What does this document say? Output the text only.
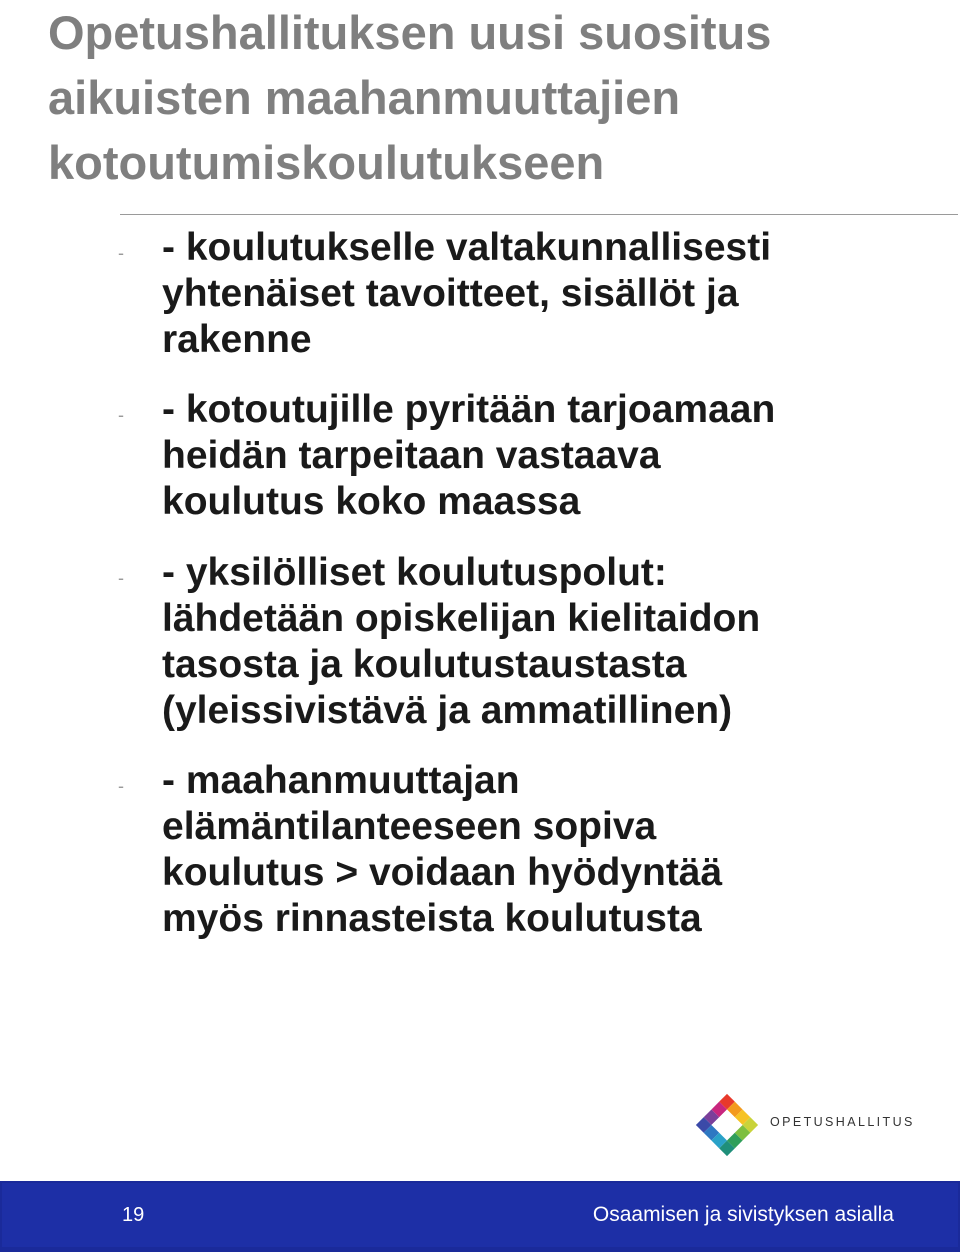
Opetushallituksen uusi suositus
aikuisten maahanmuuttajien
kotoutumiskoulutukseen
- - koulutukselle valtakunnallisesti
yhtenäiset tavoitteet, sisällöt ja
rakenne
- - kotoutujille pyritään tarjoamaan
heidän tarpeitaan vastaava
koulutus koko maassa
- - yksilölliset koulutuspolut:
lähdetään opiskelijan kielitaidon
tasosta ja koulutustaustasta
(yleissivistävä ja ammatillinen)
- - maahanmuuttajan
elämäntilanteeseen sopiva
koulutus > voidaan hyödyntää
myös rinnasteista koulutusta
OPETUSHALLITUS
19	Osaamisen ja sivistyksen asialla
